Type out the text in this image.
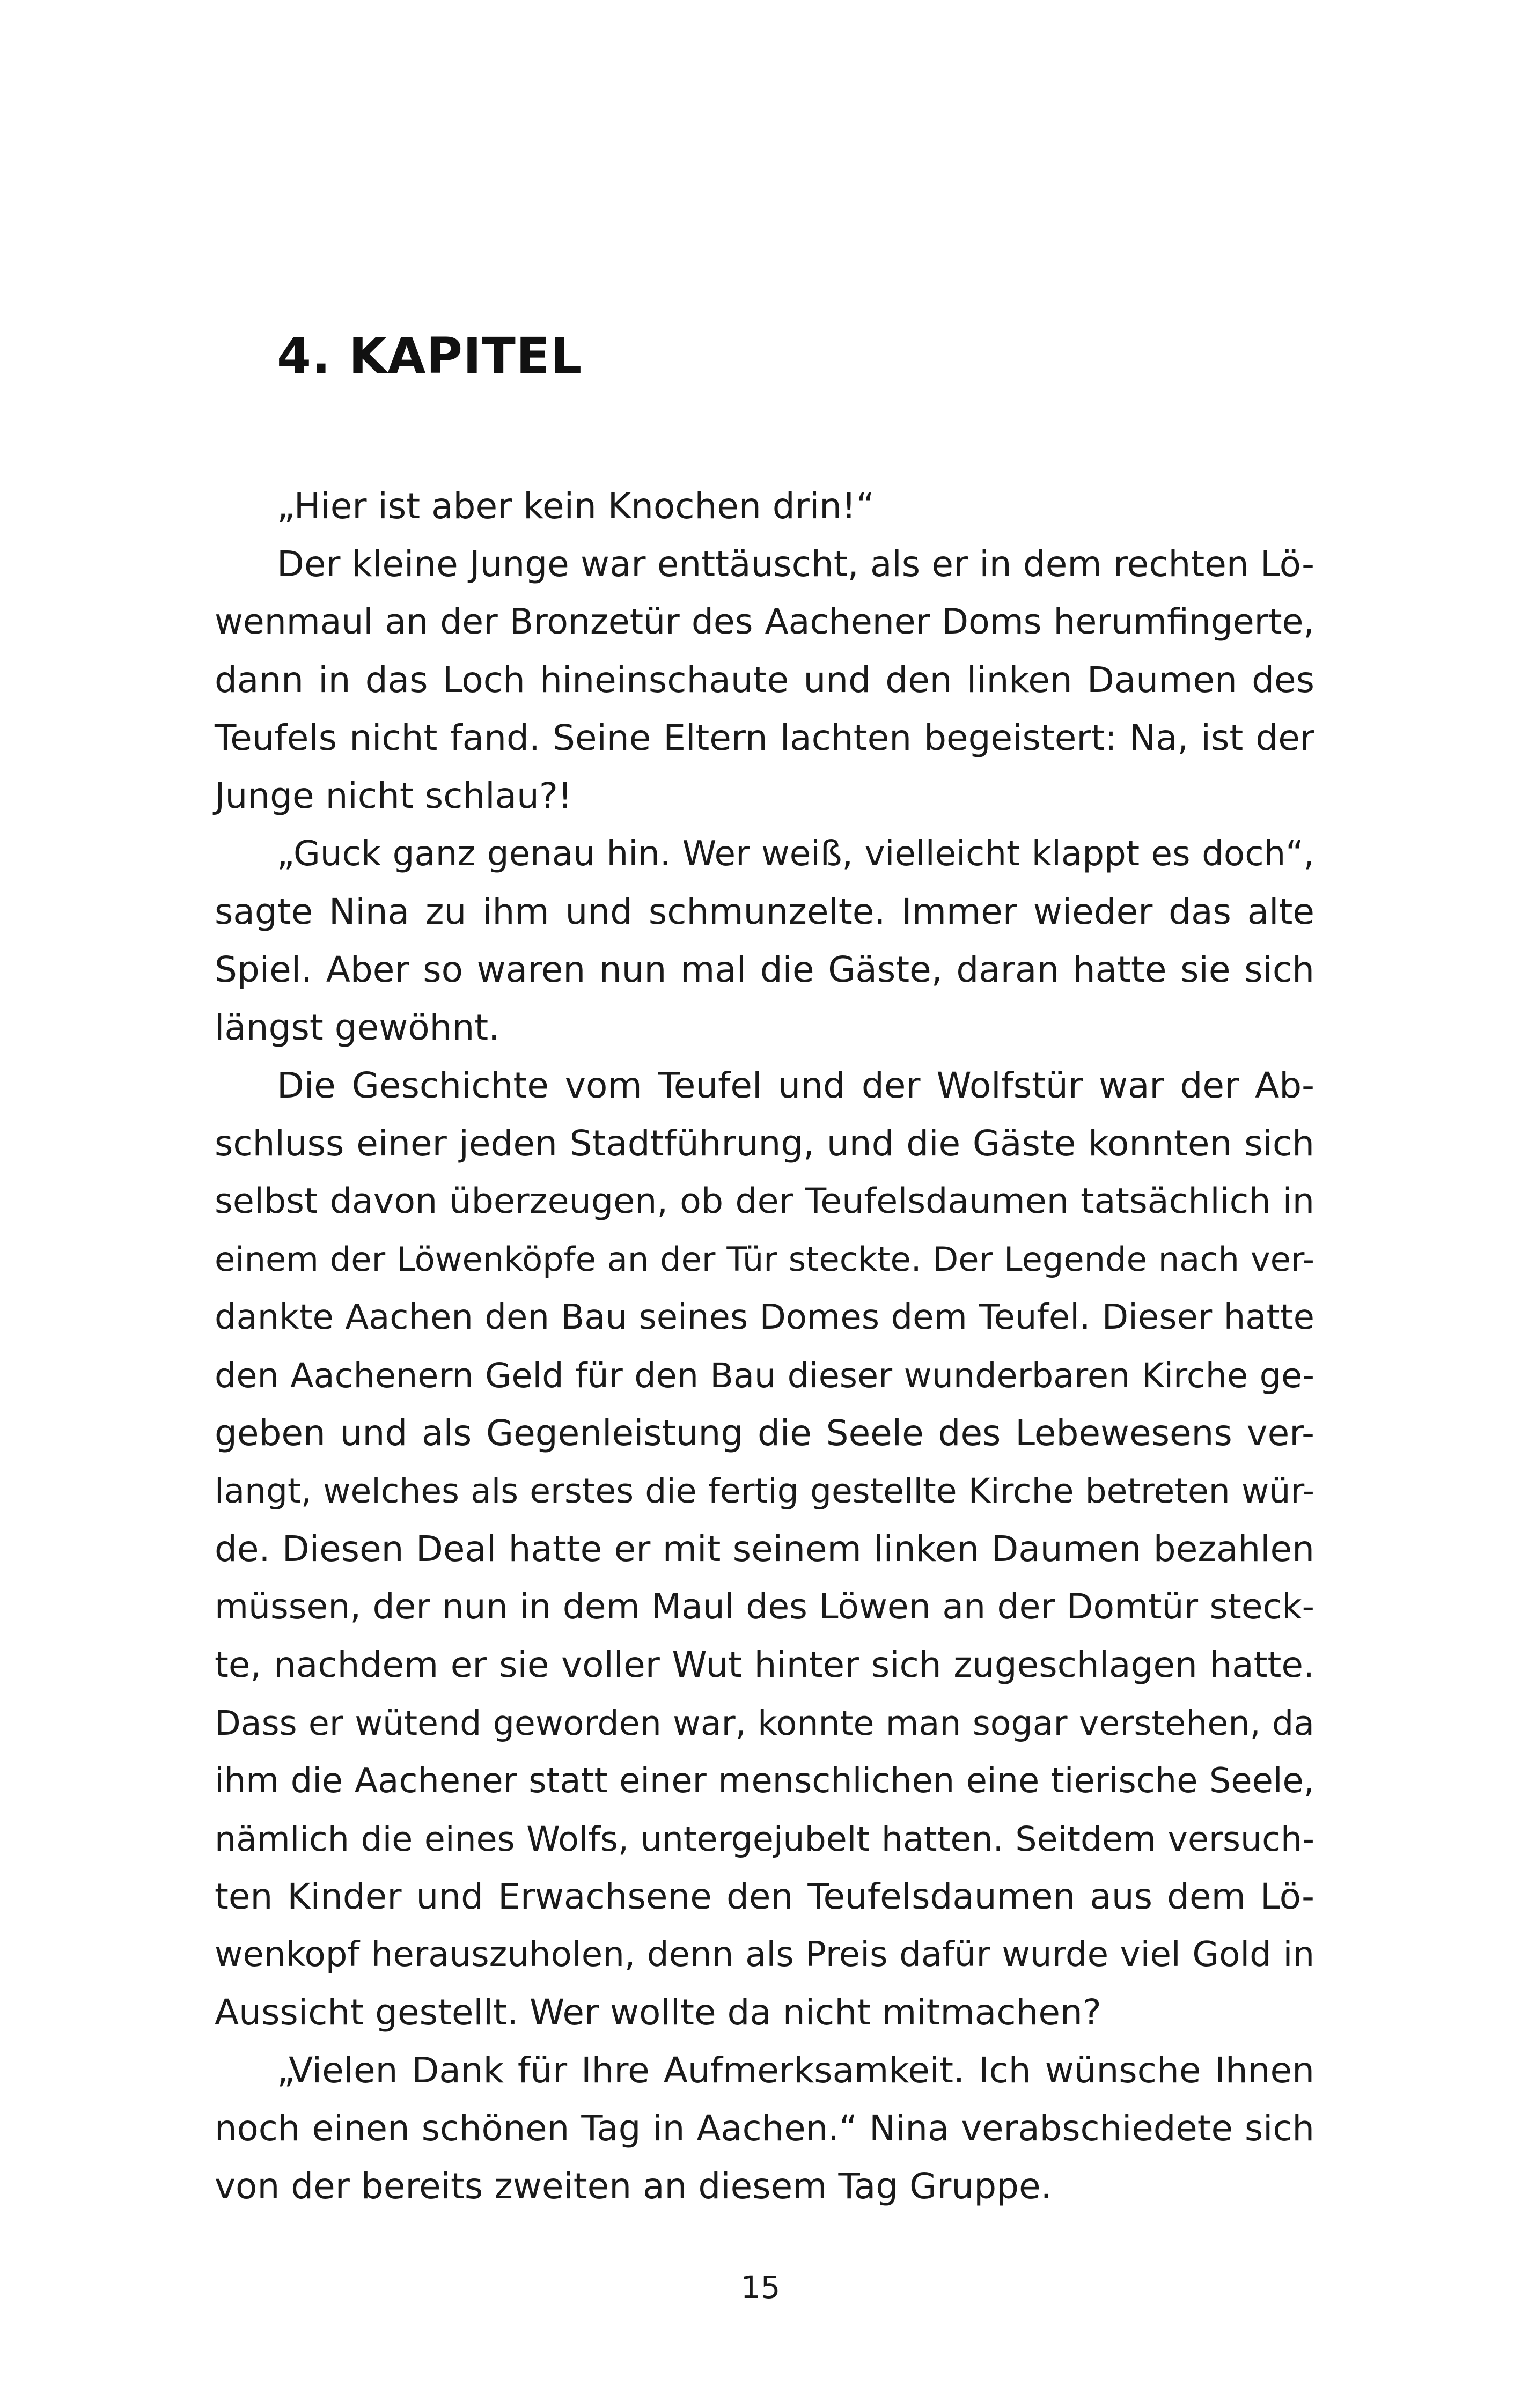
4. KAPITEL
„Hier ist aber kein Knochen drin!“
Der kleine Junge war enttäuscht, als er in dem rechten Lö-
wenmaul an der Bronzetür des Aachener Doms herumfingerte,
dann in das Loch hineinschaute und den linken Daumen des
Teufels nicht fand. Seine Eltern lachten begeistert: Na, ist der
Junge nicht schlau?!
„Guck ganz genau hin. Wer weiß, vielleicht klappt es doch“,
sagte Nina zu ihm und schmunzelte. Immer wieder das alte
Spiel. Aber so waren nun mal die Gäste, daran hatte sie sich
längst gewöhnt.
Die Geschichte vom Teufel und der Wolfstür war der Ab-
schluss einer jeden Stadtführung, und die Gäste konnten sich
selbst davon überzeugen, ob der Teufelsdaumen tatsächlich in
einem der Löwenköpfe an der Tür steckte. Der Legende nach ver-
dankte Aachen den Bau seines Domes dem Teufel. Dieser hatte
den Aachenern Geld für den Bau dieser wunderbaren Kirche ge-
geben und als Gegenleistung die Seele des Lebewesens ver-
langt, welches als erstes die fertig gestellte Kirche betreten wür-
de. Diesen Deal hatte er mit seinem linken Daumen bezahlen
müssen, der nun in dem Maul des Löwen an der Domtür steck-
te, nachdem er sie voller Wut hinter sich zugeschlagen hatte.
Dass er wütend geworden war, konnte man sogar verstehen, da
ihm die Aachener statt einer menschlichen eine tierische Seele,
nämlich die eines Wolfs, untergejubelt hatten. Seitdem versuch-
ten Kinder und Erwachsene den Teufelsdaumen aus dem Lö-
wenkopf herauszuholen, denn als Preis dafür wurde viel Gold in
Aussicht gestellt. Wer wollte da nicht mitmachen?
„Vielen Dank für Ihre Aufmerksamkeit. Ich wünsche Ihnen
noch einen schönen Tag in Aachen.“ Nina verabschiedete sich
von der bereits zweiten an diesem Tag Gruppe.
15
